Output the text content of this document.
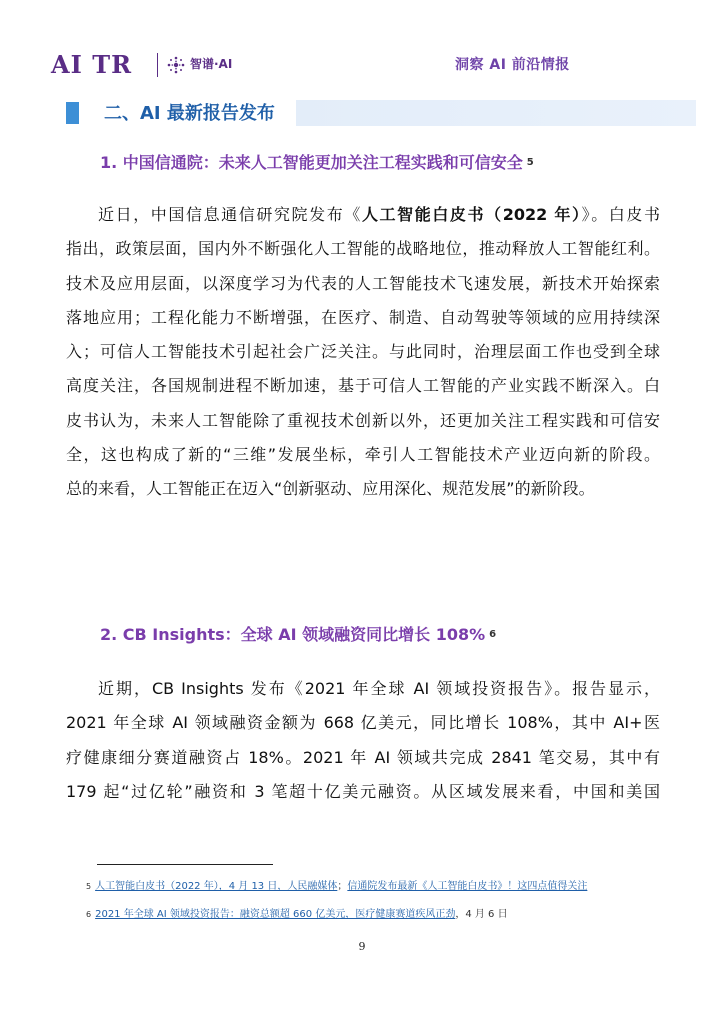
AI TR	智谱·AI	洞察 AI 前沿情报
二、AI 最新报告发布
1. 中国信通院：未来人工智能更加关注工程实践和可信安全 $^5$
近日，中国信息通信研究院发布《人工智能白皮书（2022 年）》。白皮书
指出，政策层面，国内外不断强化人工智能的战略地位，推动释放人工智能红利。
技术及应用层面，以深度学习为代表的人工智能技术飞速发展，新技术开始探索
落地应用；工程化能力不断增强，在医疗、制造、自动驾驶等领域的应用持续深
入；可信人工智能技术引起社会广泛关注。与此同时，治理层面工作也受到全球
高度关注，各国规制进程不断加速，基于可信人工智能的产业实践不断深入。白
皮书认为，未来人工智能除了重视技术创新以外，还更加关注工程实践和可信安
全，这也构成了新的“三维”发展坐标，牵引人工智能技术产业迈向新的阶段。
总的来看，人工智能正在迈入“创新驱动、应用深化、规范发展”的新阶段。
2. CB Insights：全球 AI 领域融资同比增长 108% $^6$
近期，CB Insights 发布《2021 年全球 AI 领域投资报告》。报告显示，
2021 年全球 AI 领域融资金额为 668 亿美元，同比增长 108%，其中 AI+医
疗健康细分赛道融资占 18%。2021 年 AI 领域共完成 2841 笔交易，其中有
179 起“过亿轮”融资和 3 笔超十亿美元融资。从区域发展来看，中国和美国
$^5$ 人工智能白皮书（2022 年），4 月 13 日，人民融媒体；信通院发布最新《人工智能白皮书》！这四点值得关注
$^6$ 2021 年全球 AI 领域投资报告：融资总额超 660 亿美元，医疗健康赛道疾风正劲，4 月 6 日
9
